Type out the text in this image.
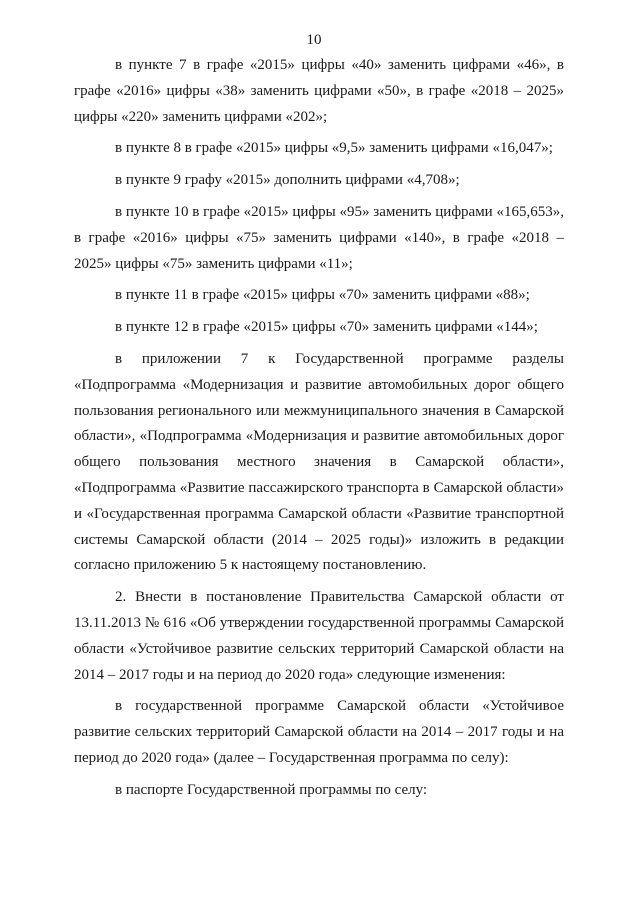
10

в пункте 7 в графе «2015» цифры «40» заменить цифрами «46», в графе «2016» цифры «38» заменить цифрами «50», в графе «2018 – 2025» цифры «220» заменить цифрами «202»;

в пункте 8 в графе «2015» цифры «9,5» заменить цифрами «16,047»;

в пункте 9 графу «2015» дополнить цифрами «4,708»;

в пункте 10 в графе «2015» цифры «95» заменить цифрами «165,653», в графе «2016» цифры «75» заменить цифрами «140», в графе «2018 – 2025» цифры «75» заменить цифрами «11»;

в пункте 11 в графе «2015» цифры «70» заменить цифрами «88»;

в пункте 12 в графе «2015» цифры «70» заменить цифрами «144»;

в приложении 7 к Государственной программе разделы «Подпрограмма «Модернизация и развитие автомобильных дорог общего пользования регионального или межмуниципального значения в Самарской области», «Подпрограмма «Модернизация и развитие автомобильных дорог общего пользования местного значения в Самарской области», «Подпрограмма «Развитие пассажирского транспорта в Самарской области» и «Государственная программа Самарской области «Развитие транспортной системы Самарской области (2014 – 2025 годы)» изложить в редакции согласно приложению 5 к настоящему постановлению.

2. Внести в постановление Правительства Самарской области от 13.11.2013 № 616 «Об утверждении государственной программы Самарской области «Устойчивое развитие сельских территорий Самарской области на 2014 – 2017 годы и на период до 2020 года» следующие изменения:

в государственной программе Самарской области «Устойчивое развитие сельских территорий Самарской области на 2014 – 2017 годы и на период до 2020 года» (далее – Государственная программа по селу):

в паспорте Государственной программы по селу:
